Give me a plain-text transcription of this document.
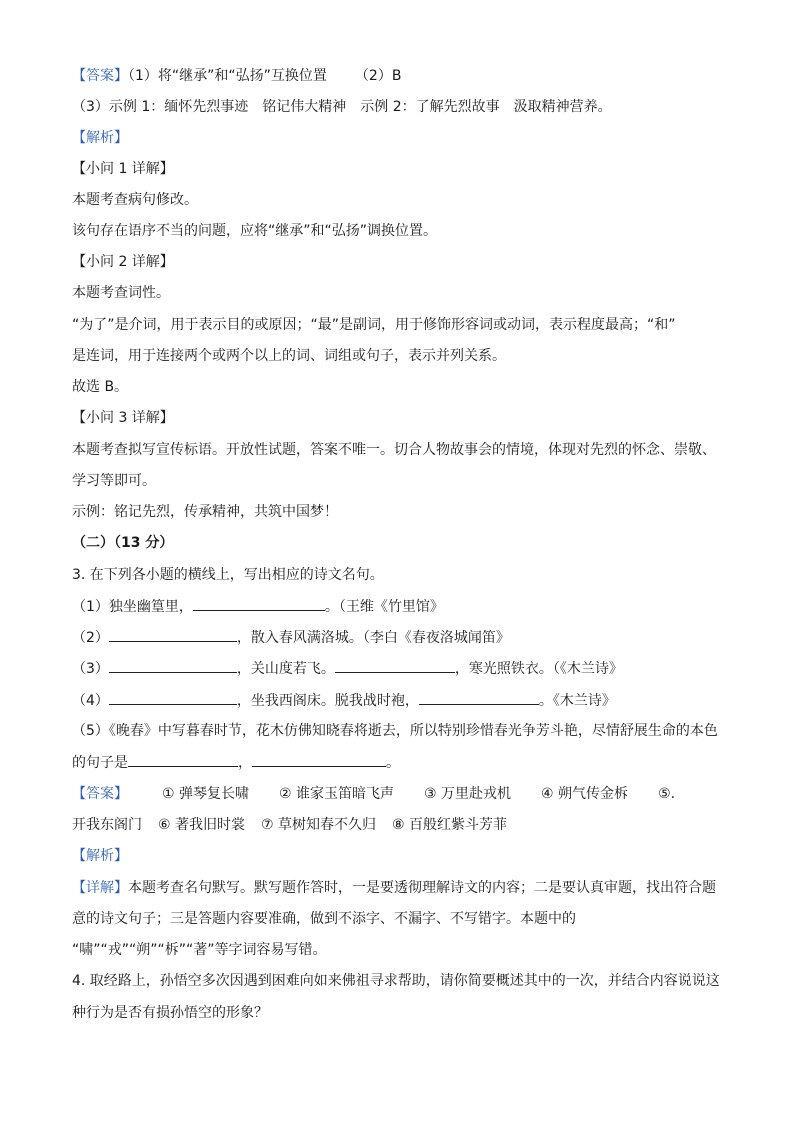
【答案】（1）将“继承”和“弘扬”互换位置 （2）B
（3）示例 1：缅怀先烈事迹　铭记伟大精神　示例 2：了解先烈故事　汲取精神营养。
【解析】
【小问 1 详解】
本题考查病句修改。
该句存在语序不当的问题，应将“继承”和“弘扬”调换位置。
【小问 2 详解】
本题考查词性。
“为了”是介词，用于表示目的或原因；“最”是副词，用于修饰形容词或动词，表示程度最高；“和”
是连词，用于连接两个或两个以上的词、词组或句子，表示并列关系。
故选 B。
【小问 3 详解】
本题考查拟写宣传标语。开放性试题，答案不唯一。切合人物故事会的情境，体现对先烈的怀念、崇敬、
学习等即可。
示例：铭记先烈，传承精神，共筑中国梦！
（二）（13 分）
3. 在下列各小题的横线上，写出相应的诗文名句。
（1）独坐幽篁里，	。（王维《竹里馆》
（2）	，散入春风满洛城。（李白《春夜洛城闻笛》
（3）	，关山度若飞。	，寒光照铁衣。（《木兰诗》
（4）	，坐我西阁床。脱我战时袍，	。《木兰诗》
（5）《晚春》中写暮春时节，花木仿佛知晓春将逝去，所以特别珍惜春光争芳斗艳，尽情舒展生命的本色
的句子是	，	。
【答案】 ① 弹琴复长啸 ② 谁家玉笛暗飞声 ③ 万里赴戎机 ④ 朔气传金柝 ⑤.
开我东阁门 ⑥ 著我旧时裳 ⑦ 草树知春不久归 ⑧ 百般红紫斗芳菲
【解析】
【详解】本题考查名句默写。默写题作答时，一是要透彻理解诗文的内容；二是要认真审题，找出符合题
意的诗文句子；三是答题内容要准确，做到不添字、不漏字、不写错字。本题中的
“啸”“戎”“朔”“柝”“著”等字词容易写错。
4. 取经路上，孙悟空多次因遇到困难向如来佛祖寻求帮助，请你简要概述其中的一次，并结合内容说说这
种行为是否有损孙悟空的形象？
